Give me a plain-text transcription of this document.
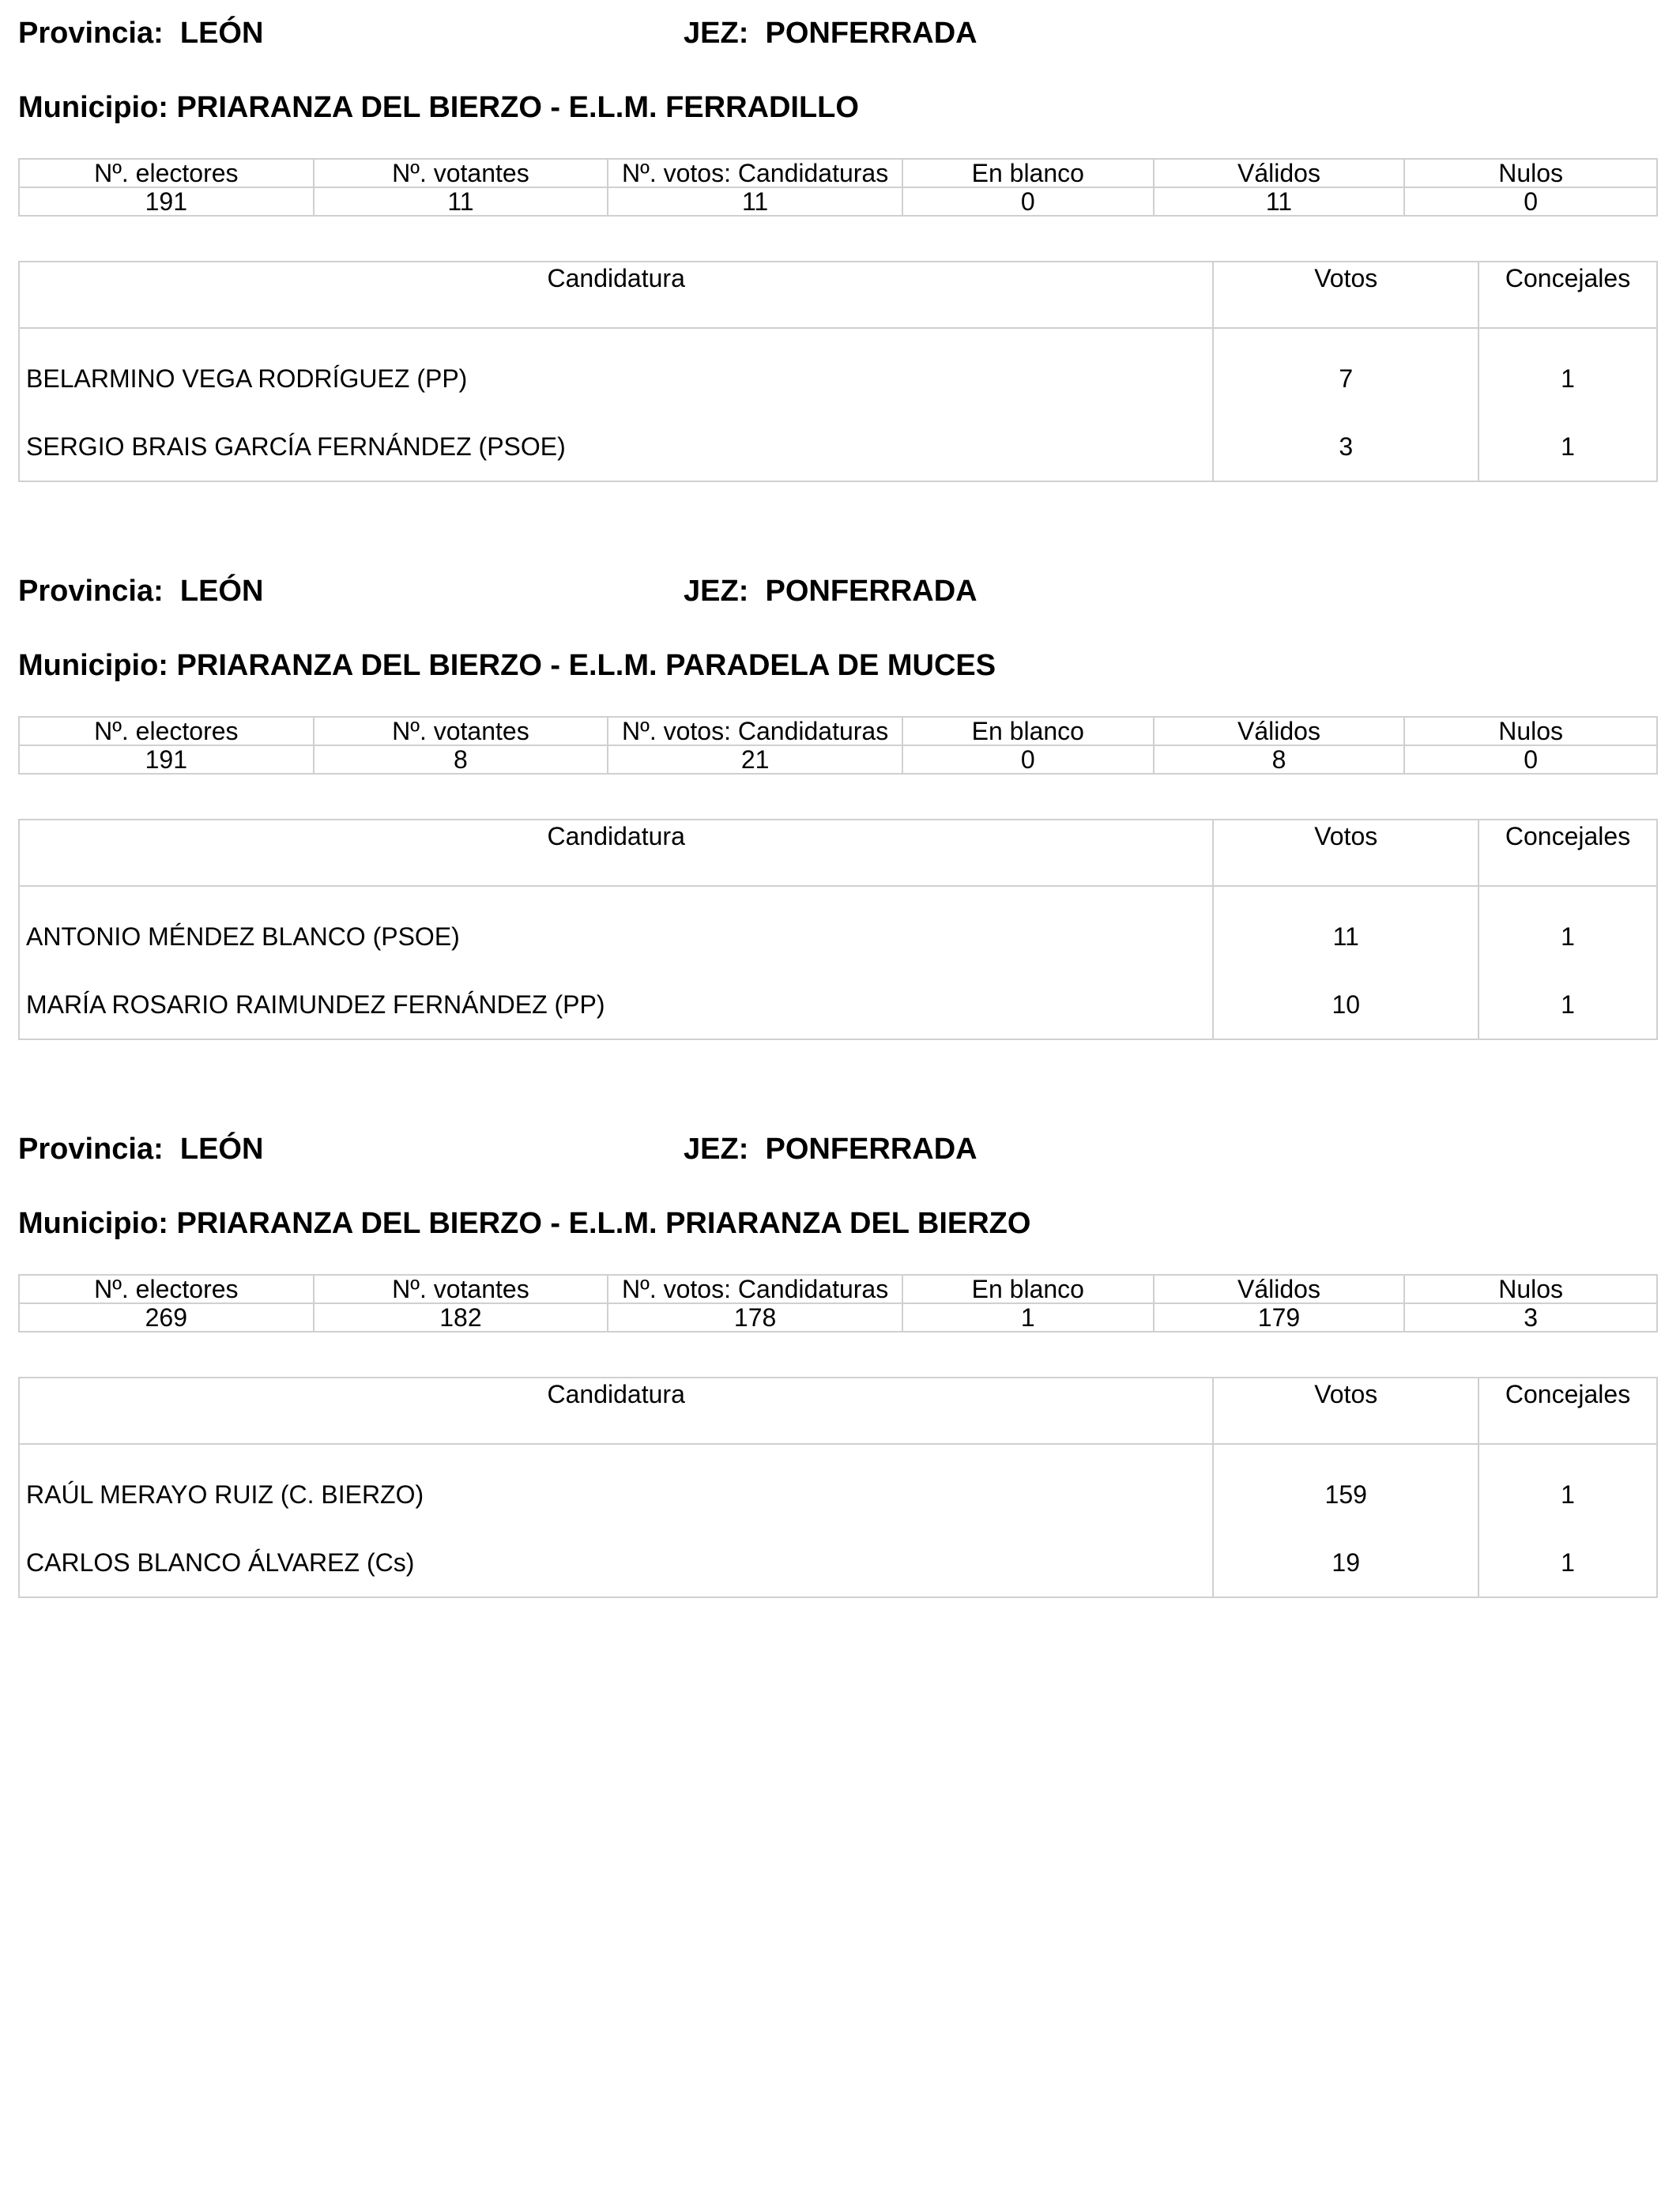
Provincia: LEÓN	JEZ: PONFERRADA
Municipio: PRIARANZA DEL BIERZO - E.L.M. FERRADILLO
Nº. electores	Nº. votantes	Nº. votos: Candidaturas	En blanco	Válidos	Nulos
191	11	11	0	11	0
Candidatura	Votos	Concejales
BELARMINO VEGA RODRÍGUEZ (PP)	7	1
SERGIO BRAIS GARCÍA FERNÁNDEZ (PSOE)	3	1
Provincia: LEÓN	JEZ: PONFERRADA
Municipio: PRIARANZA DEL BIERZO - E.L.M. PARADELA DE MUCES
Nº. electores	Nº. votantes	Nº. votos: Candidaturas	En blanco	Válidos	Nulos
191	8	21	0	8	0
Candidatura	Votos	Concejales
ANTONIO MÉNDEZ BLANCO (PSOE)	11	1
MARÍA ROSARIO RAIMUNDEZ FERNÁNDEZ (PP)	10	1
Provincia: LEÓN	JEZ: PONFERRADA
Municipio: PRIARANZA DEL BIERZO - E.L.M. PRIARANZA DEL BIERZO
Nº. electores	Nº. votantes	Nº. votos: Candidaturas	En blanco	Válidos	Nulos
269	182	178	1	179	3
Candidatura	Votos	Concejales
RAÚL MERAYO RUIZ (C. BIERZO)	159	1
CARLOS BLANCO ÁLVAREZ (Cs)	19	1
